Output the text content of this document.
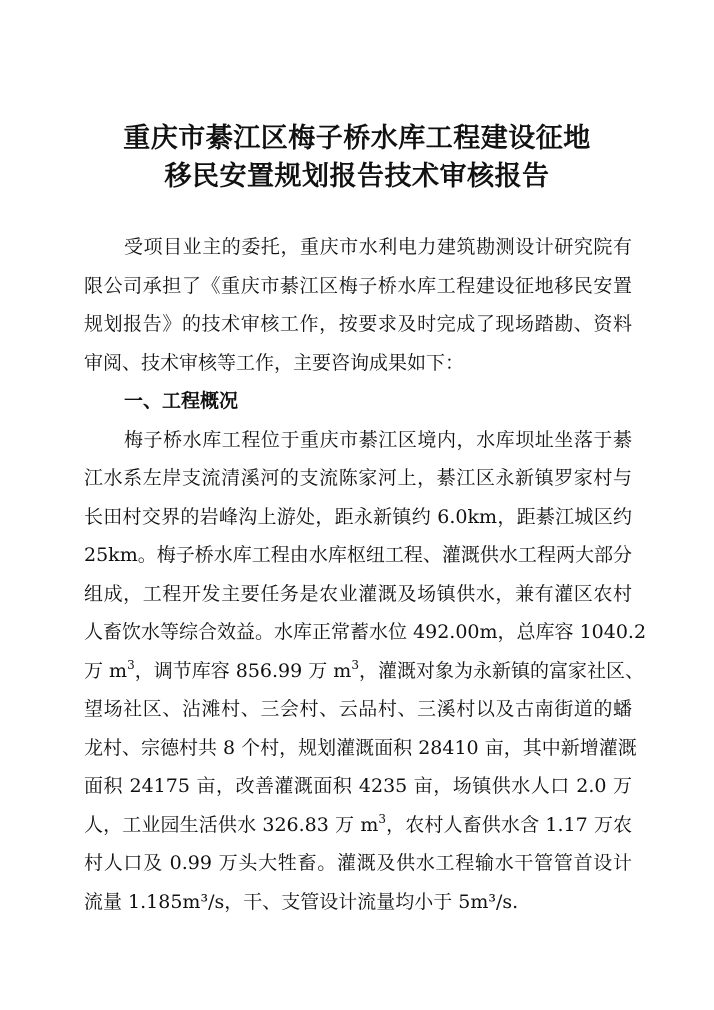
重庆市綦江区梅子桥水库工程建设征地
移民安置规划报告技术审核报告
受项目业主的委托，重庆市水利电力建筑勘测设计研究院有
限公司承担了《重庆市綦江区梅子桥水库工程建设征地移民安置
规划报告》的技术审核工作，按要求及时完成了现场踏勘、资料
审阅、技术审核等工作，主要咨询成果如下：
一、工程概况
梅子桥水库工程位于重庆市綦江区境内，水库坝址坐落于綦
江水系左岸支流清溪河的支流陈家河上，綦江区永新镇罗家村与
长田村交界的岩峰沟上游处，距永新镇约 6.0km，距綦江城区约
25km。梅子桥水库工程由水库枢纽工程、灌溉供水工程两大部分
组成，工程开发主要任务是农业灌溉及场镇供水，兼有灌区农村
人畜饮水等综合效益。水库正常蓄水位 492.00m，总库容 1040.2
万 $m^3$，调节库容 856.99 万 $m^3$，灌溉对象为永新镇的富家社区、
望场社区、沾滩村、三会村、云品村、三溪村以及古南街道的蟠
龙村、宗德村共 8 个村，规划灌溉面积 28410 亩，其中新增灌溉
面积 24175 亩，改善灌溉面积 4235 亩，场镇供水人口 2.0 万
人，工业园生活供水 326.83 万 $m^3$，农村人畜供水含 1.17 万农
村人口及 0.99 万头大牲畜。灌溉及供水工程输水干管管首设计
流量 1.185m³/s，干、支管设计流量均小于 5m³/s.
